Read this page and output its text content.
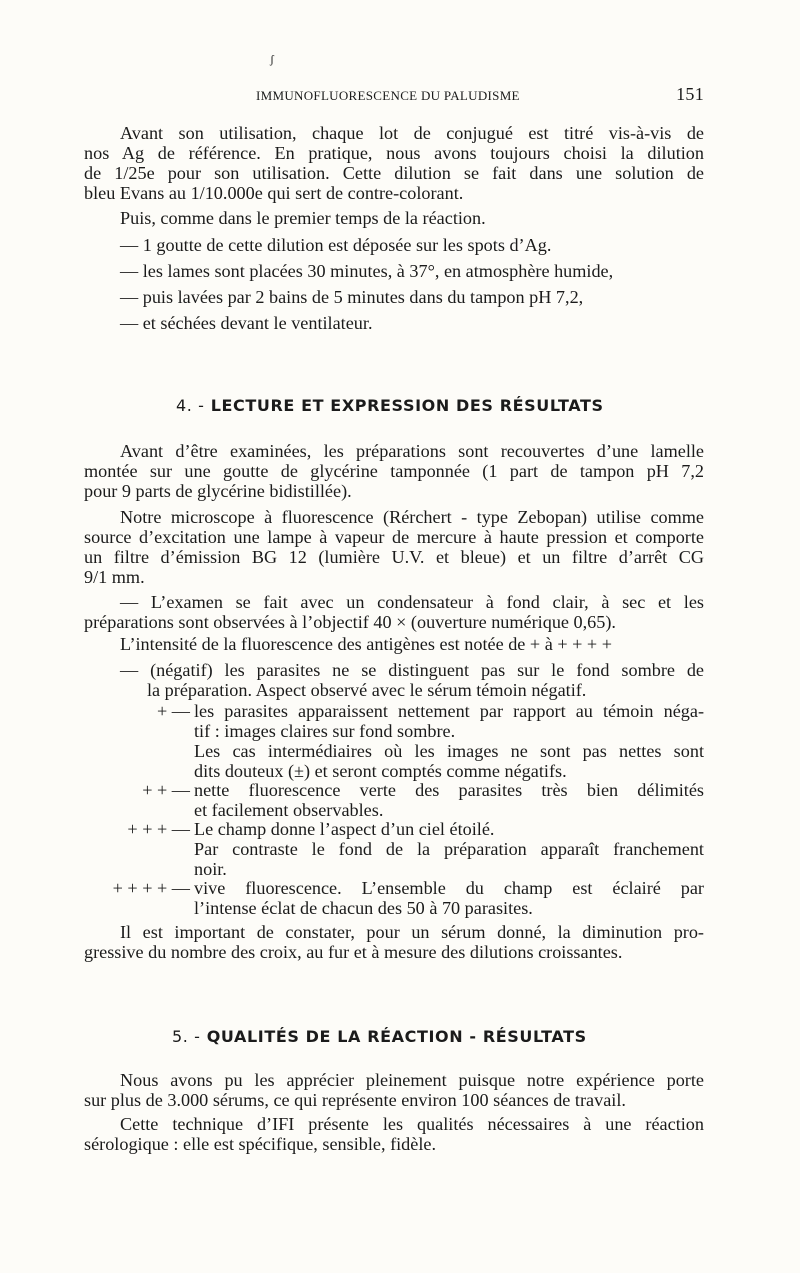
ʃ
IMMUNOFLUORESCENCE DU PALUDISME	151

Avant son utilisation, chaque lot de conjugué est titré vis-à-vis de

nos Ag de référence. En pratique, nous avons toujours choisi la dilution

de 1/25e pour son utilisation. Cette dilution se fait dans une solution de

bleu Evans au 1/10.000e qui sert de contre-colorant.

Puis, comme dans le premier temps de la réaction.

— 1 goutte de cette dilution est déposée sur les spots d’Ag.

— les lames sont placées 30 minutes, à 37°, en atmosphère humide,

— puis lavées par 2 bains de 5 minutes dans du tampon pH 7,2,

— et séchées devant le ventilateur.

4. - LECTURE ET EXPRESSION DES RÉSULTATS

Avant d’être examinées, les préparations sont recouvertes d’une lamelle

montée sur une goutte de glycérine tamponnée (1 part de tampon pH 7,2

pour 9 parts de glycérine bidistillée).

Notre microscope à fluorescence (Rérchert - type Zebopan) utilise comme

source d’excitation une lampe à vapeur de mercure à haute pression et comporte

un filtre d’émission BG 12 (lumière U.V. et bleue) et un filtre d’arrêt CG

9/1 mm.

— L’examen se fait avec un condensateur à fond clair, à sec et les

préparations sont observées à l’objectif 40 × (ouverture numérique 0,65).

L’intensité de la fluorescence des antigènes est notée de + à + + + +

— (négatif) les parasites ne se distinguent pas sur le fond sombre de

la préparation. Aspect observé avec le sérum témoin négatif.

+ — les parasites apparaissent nettement par rapport au témoin néga-

tif : images claires sur fond sombre.

Les cas intermédiaires où les images ne sont pas nettes sont

dits douteux (±) et seront comptés comme négatifs.

+ + — nette fluorescence verte des parasites très bien délimités

et facilement observables.

+ + + — Le champ donne l’aspect d’un ciel étoilé.

Par contraste le fond de la préparation apparaît franchement

noir.

+ + + + — vive fluorescence. L’ensemble du champ est éclairé par

l’intense éclat de chacun des 50 à 70 parasites.

Il est important de constater, pour un sérum donné, la diminution pro-

gressive du nombre des croix, au fur et à mesure des dilutions croissantes.

5. - QUALITÉS DE LA RÉACTION - RÉSULTATS

Nous avons pu les apprécier pleinement puisque notre expérience porte

sur plus de 3.000 sérums, ce qui représente environ 100 séances de travail.

Cette technique d’IFI présente les qualités nécessaires à une réaction

sérologique : elle est spécifique, sensible, fidèle.
